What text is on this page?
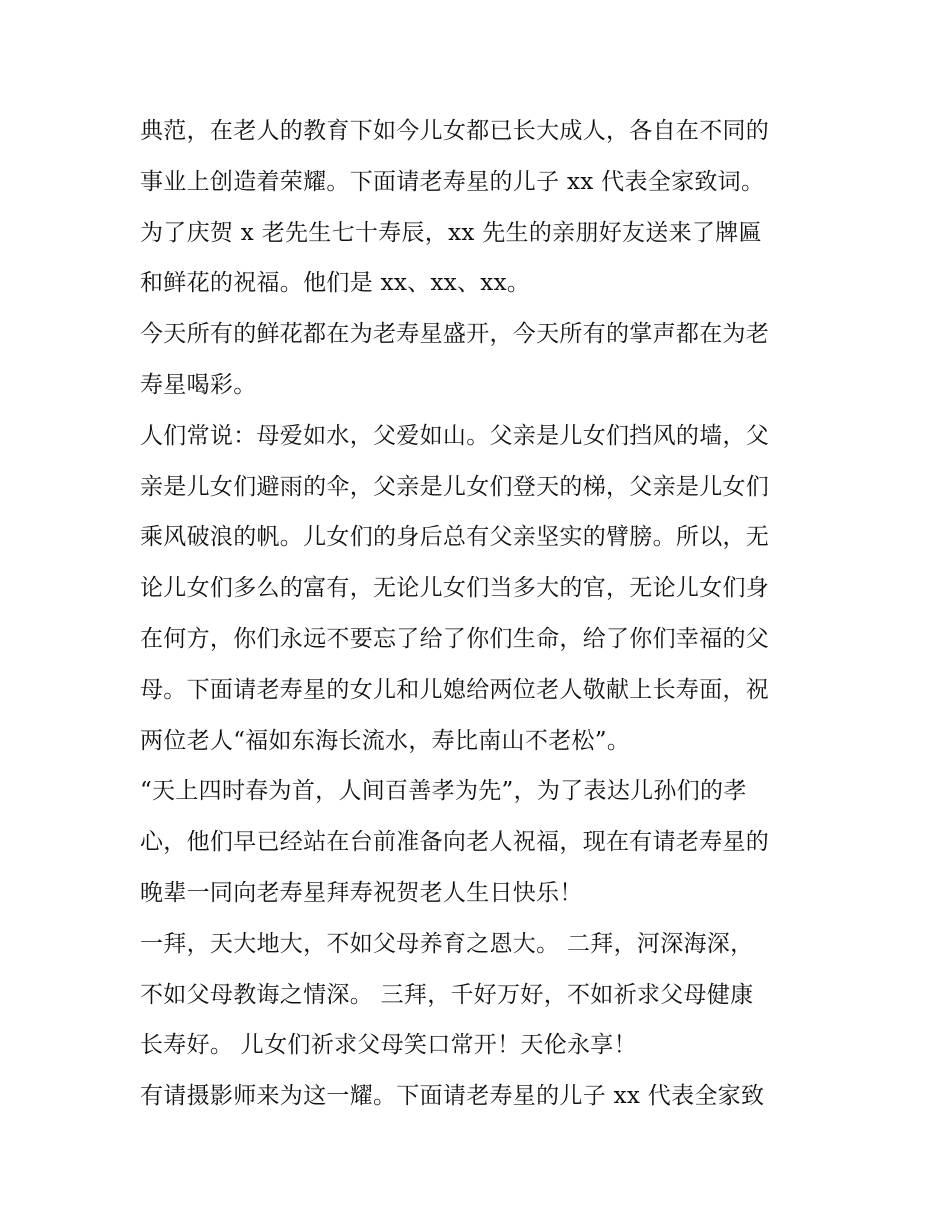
典范，在老人的教育下如今儿女都已长大成人，各自在不同的
事业上创造着荣耀。下面请老寿星的儿子 xx 代表全家致词。
为了庆贺 x 老先生七十寿辰，xx 先生的亲朋好友送来了牌匾
和鲜花的祝福。他们是 xx、xx、xx。
今天所有的鲜花都在为老寿星盛开，今天所有的掌声都在为老
寿星喝彩。
人们常说：母爱如水，父爱如山。父亲是儿女们挡风的墙，父
亲是儿女们避雨的伞，父亲是儿女们登天的梯，父亲是儿女们
乘风破浪的帆。儿女们的身后总有父亲坚实的臂膀。所以，无
论儿女们多么的富有，无论儿女们当多大的官，无论儿女们身
在何方，你们永远不要忘了给了你们生命，给了你们幸福的父
母。下面请老寿星的女儿和儿媳给两位老人敬献上长寿面，祝
两位老人“福如东海长流水，寿比南山不老松”。
“天上四时春为首，人间百善孝为先”，为了表达儿孙们的孝
心，他们早已经站在台前准备向老人祝福，现在有请老寿星的
晚辈一同向老寿星拜寿祝贺老人生日快乐！
一拜，天大地大，不如父母养育之恩大。 二拜，河深海深，
不如父母教诲之情深。 三拜，千好万好，不如祈求父母健康
长寿好。 儿女们祈求父母笑口常开！天伦永享！
有请摄影师来为这一耀。下面请老寿星的儿子 xx 代表全家致
